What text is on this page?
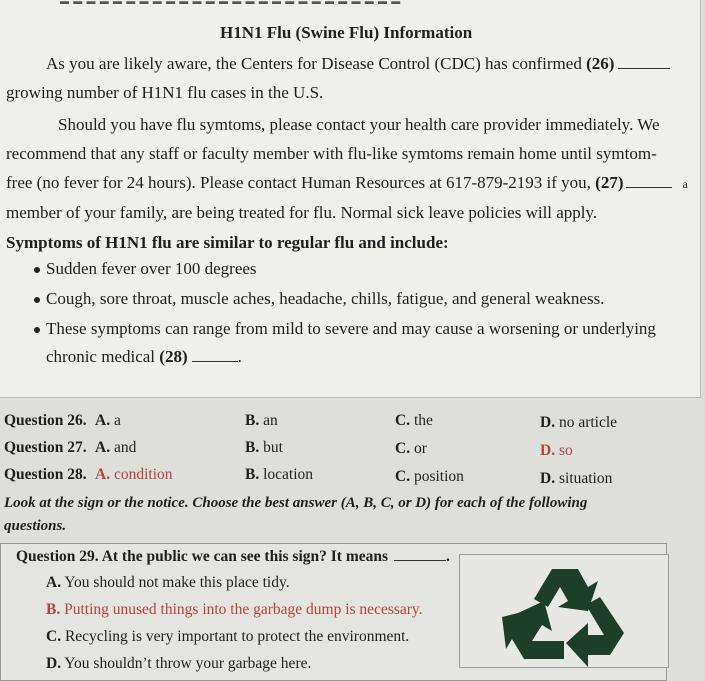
▬ ▬ ▬ ▬ ▬ ▬ ▬ ▬ ▬ ▬ ▬ ▬ ▬ ▬ ▬ ▬ ▬ ▬ ▬ ▬ ▬ ▬ ▬ ▬ ▬ ▬
H1N1 Flu (Swine Flu) Information
As you are likely aware, the Centers for Disease Control (CDC) has confirmed (26)
growing number of H1N1 flu cases in the U.S.
Should you have flu symtoms, please contact your health care provider immediately. We
recommend that any staff or faculty member with flu-like symtoms remain home until symtom-
free (no fever for 24 hours). Please contact Human Resources at 617-879-2193 if you, (27)	a
member of your family, are being treated for flu. Normal sick leave policies will apply.
Symptoms of H1N1 flu are similar to regular flu and include:
Sudden fever over 100 degrees
Cough, sore throat, muscle aches, headache, chills, fatigue, and general weakness.
These symptoms can range from mild to severe and may cause a worsening or underlying
chronic medical (28)	.
Question 26. A. a	B. an	C. the	D. no article
Question 27. A. and	B. but	C. or	D. so
Question 28. A. condition	B. location	C. position	D. situation
Look at the sign or the notice. Choose the best answer (A, B, C, or D) for each of the following
questions.
Question 29. At the public we can see this sign? It means	.
A. You should not make this place tidy.
B. Putting unused things into the garbage dump is necessary.
C. Recycling is very important to protect the environment.
D. You shouldn’t throw your garbage here.
